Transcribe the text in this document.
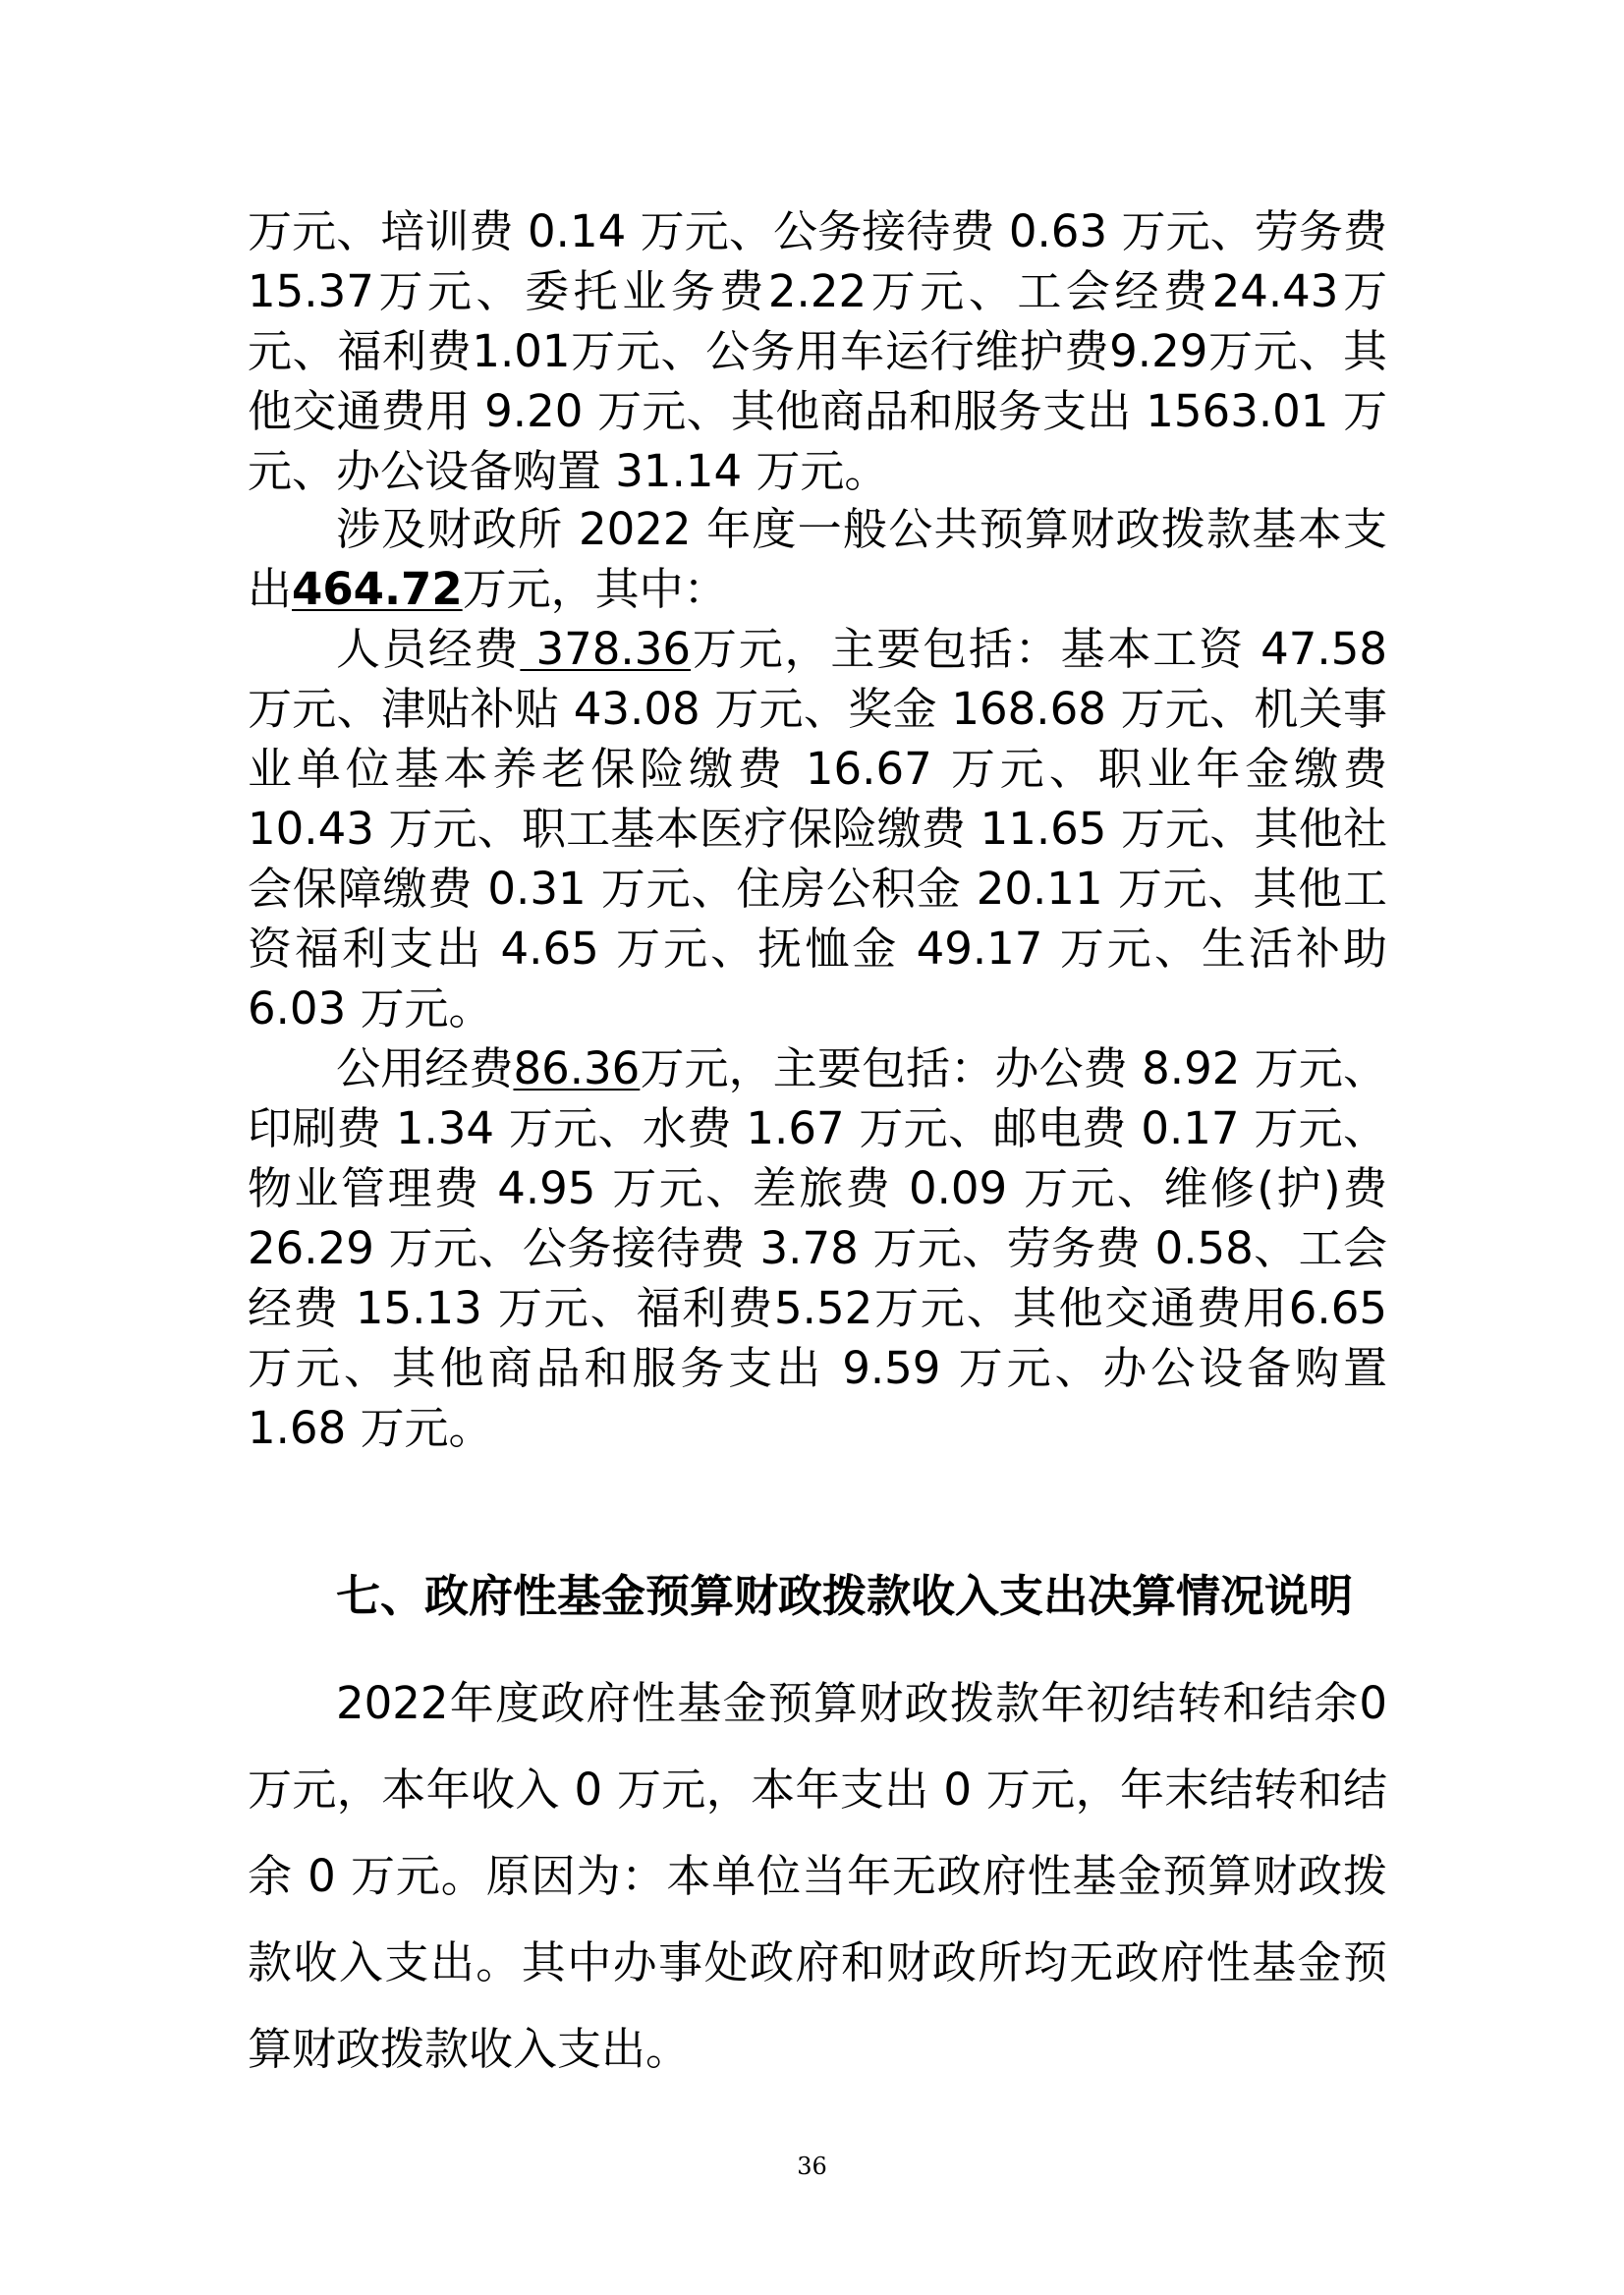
万元、培训费 0.14 万元、公务接待费 0.63 万元、劳务费 15.37万元、委托业务费2.22万元、工会经费24.43万元、福利费1.01万元、公务用车运行维护费9.29万元、其他交通费用 9.20 万元、其他商品和服务支出 1563.01 万元、办公设备购置 31.14 万元。

涉及财政所 2022 年度一般公共预算财政拨款基本支出464.72万元，其中：

人员经费 378.36万元，主要包括：基本工资 47.58 万元、津贴补贴 43.08 万元、奖金 168.68 万元、机关事业单位基本养老保险缴费 16.67 万元、职业年金缴费 10.43 万元、职工基本医疗保险缴费 11.65 万元、其他社会保障缴费 0.31 万元、住房公积金 20.11 万元、其他工资福利支出 4.65 万元、抚恤金 49.17 万元、生活补助 6.03 万元。

公用经费86.36万元，主要包括：办公费 8.92 万元、印刷费 1.34 万元、水费 1.67 万元、邮电费 0.17 万元、物业管理费 4.95 万元、差旅费 0.09 万元、维修(护)费 26.29 万元、公务接待费 3.78 万元、劳务费 0.58、工会经费 15.13 万元、福利费5.52万元、其他交通费用6.65万元、其他商品和服务支出 9.59 万元、办公设备购置 1.68 万元。

七、政府性基金预算财政拨款收入支出决算情况说明

2022年度政府性基金预算财政拨款年初结转和结余0万元，本年收入 0 万元，本年支出 0 万元，年末结转和结余 0 万元。原因为：本单位当年无政府性基金预算财政拨款收入支出。其中办事处政府和财政所均无政府性基金预算财政拨款收入支出。

36
